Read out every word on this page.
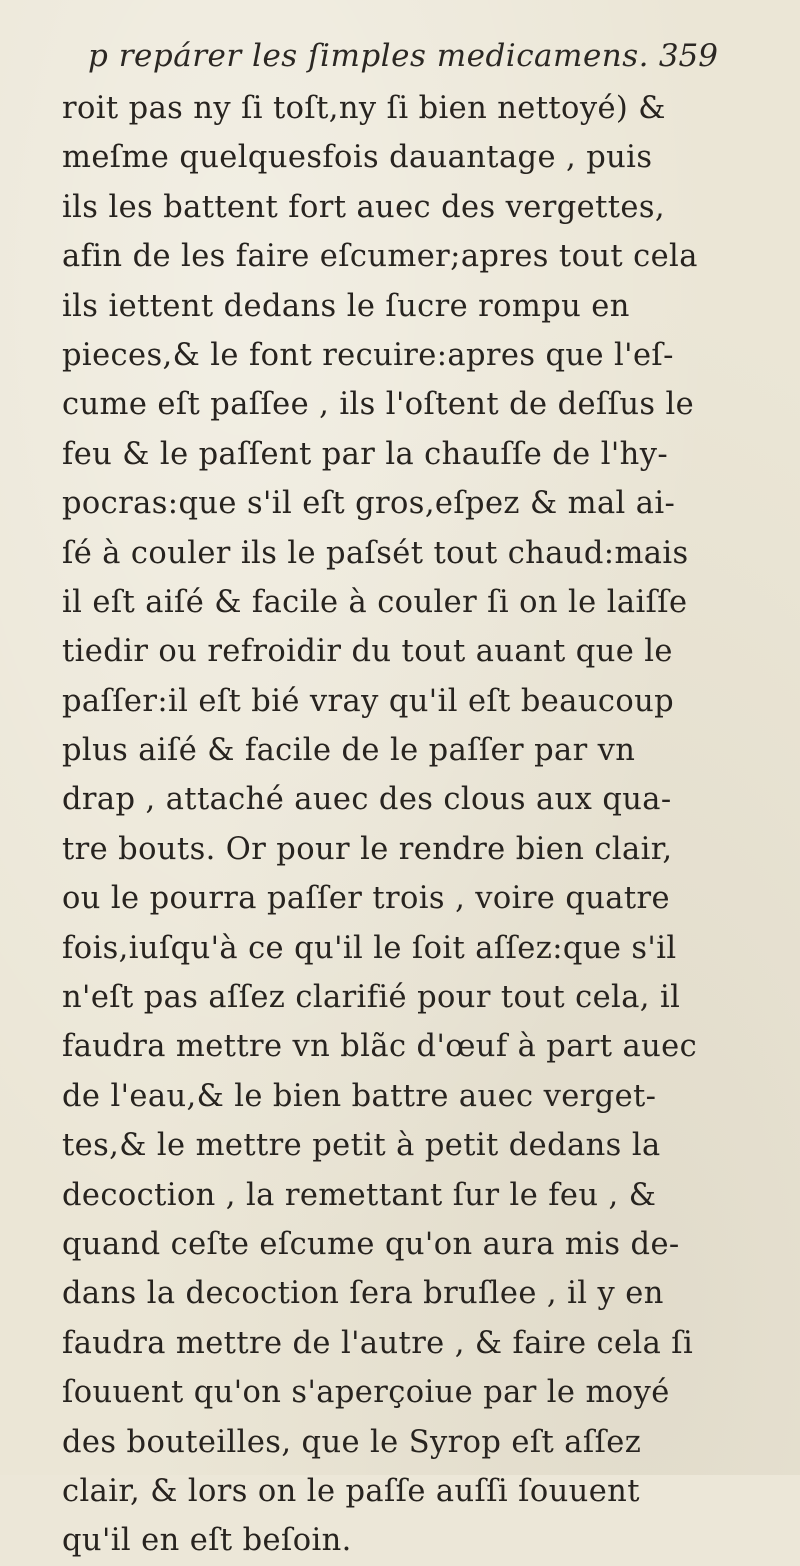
p repárer les ſimples medicamens. 359
roit pas ny ſi toſt,ny ſi bien nettoyé) &
meſme quelquesfois dauantage , puis
ils les battent fort auec des vergettes,
afin de les faire eſcumer;apres tout cela
ils iettent dedans le ſucre rompu en
pieces,& le font recuire:apres que l'eſ-
cume eſt paſſee , ils l'oſtent de deſſus le
feu & le paſſent par la chauſſe de l'hy-
pocras:que s'il eſt gros,eſpez & mal ai-
ſé à couler ils le paſsét tout chaud:mais
il eſt aiſé & facile à couler ſi on le laiſſe
tiedir ou refroidir du tout auant que le
paſſer:il eſt bié vray qu'il eſt beaucoup
plus aiſé & facile de le paſſer par vn
drap , attaché auec des clous aux qua-
tre bouts. Or pour le rendre bien clair,
ou le pourra paſſer trois , voire quatre
fois,iuſqu'à ce qu'il le ſoit aſſez:que s'il
n'eſt pas aſſez clarifié pour tout cela, il
faudra mettre vn blãc d'œuf à part auec
de l'eau,& le bien battre auec verget-
tes,& le mettre petit à petit dedans la
decoction , la remettant ſur le feu , &
quand ceſte eſcume qu'on aura mis de-
dans la decoction ſera bruſlee , il y en
faudra mettre de l'autre , & faire cela ſi
ſouuent qu'on s'aperçoiue par le moyé
des bouteilles, que le Syrop eſt aſſez
clair, & lors on le paſſe auſſi ſouuent
qu'il en eſt beſoin.
